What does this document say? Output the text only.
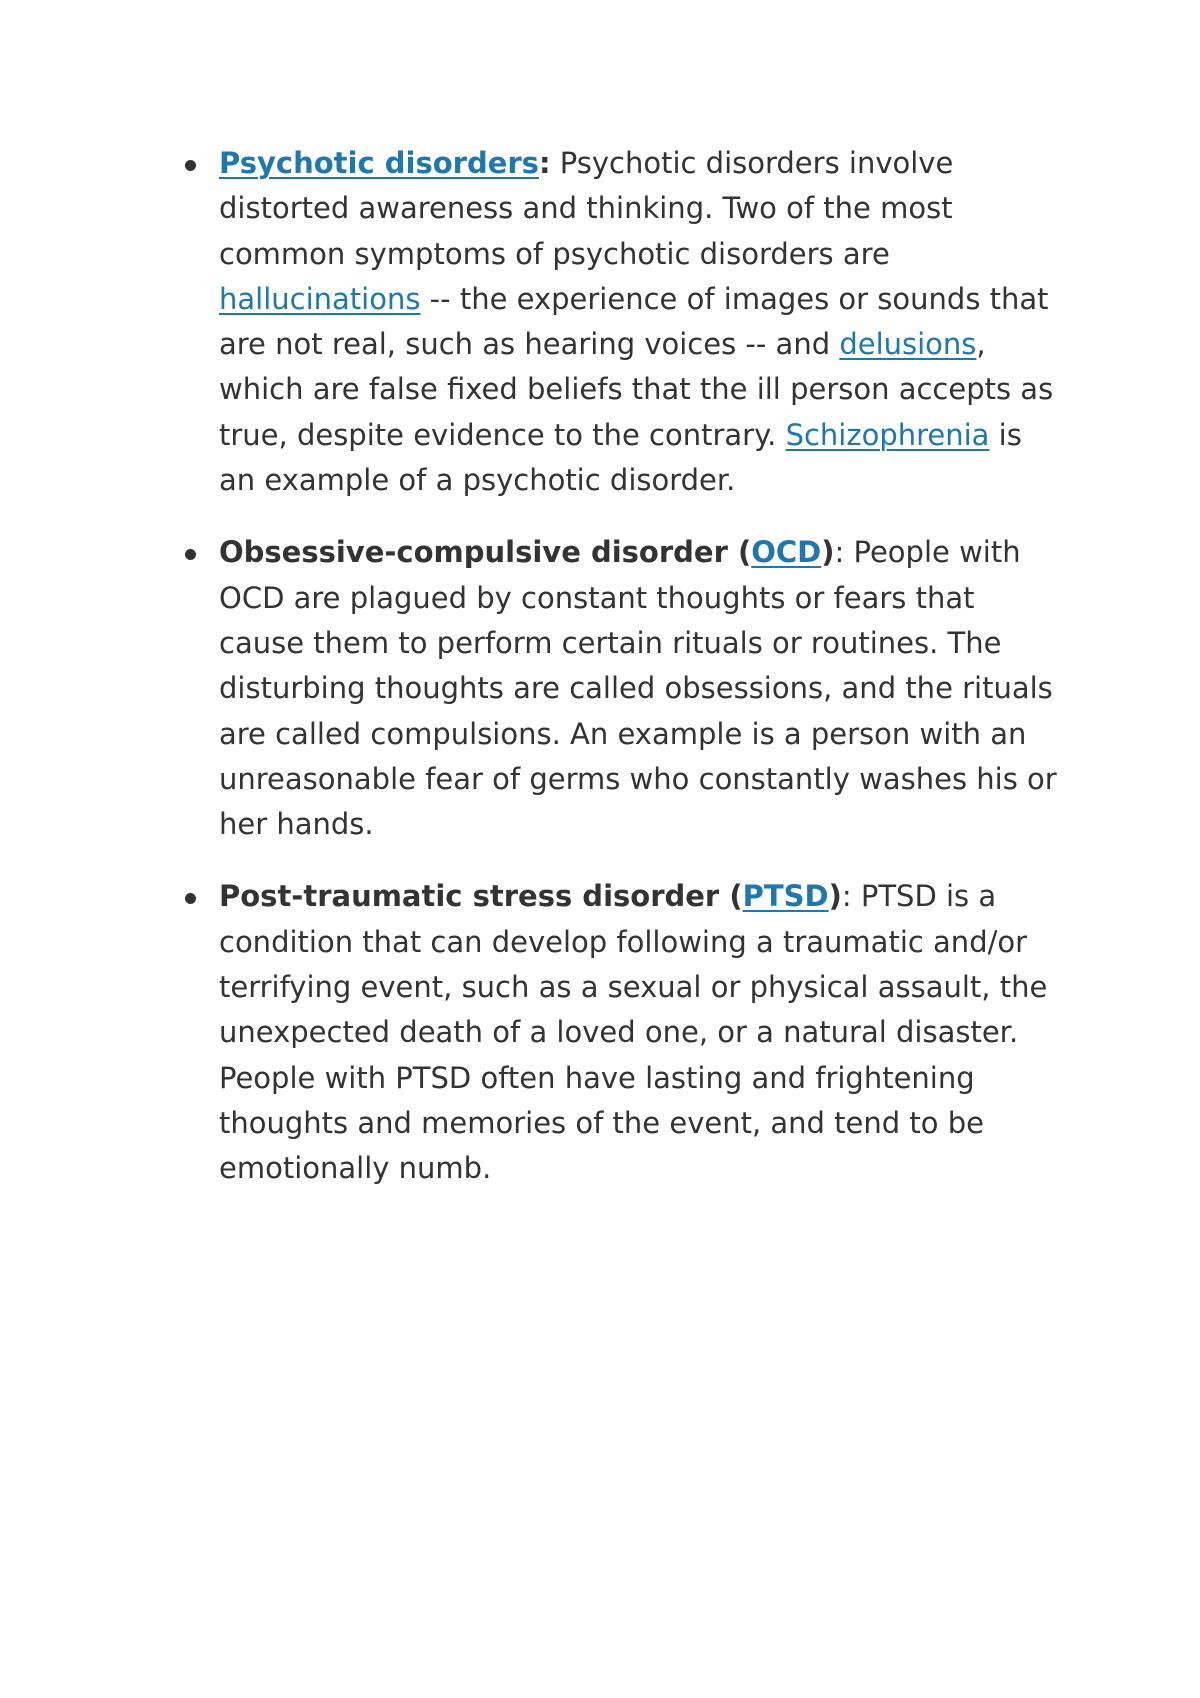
Psychotic disorders: Psychotic disorders involve distorted awareness and thinking. Two of the most common symptoms of psychotic disorders are hallucinations -- the experience of images or sounds that are not real, such as hearing voices -- and delusions, which are false fixed beliefs that the ill person accepts as true, despite evidence to the contrary. Schizophrenia is an example of a psychotic disorder.
Obsessive-compulsive disorder (OCD): People with OCD are plagued by constant thoughts or fears that cause them to perform certain rituals or routines. The disturbing thoughts are called obsessions, and the rituals are called compulsions. An example is a person with an unreasonable fear of germs who constantly washes his or her hands.
Post-traumatic stress disorder (PTSD): PTSD is a condition that can develop following a traumatic and/or terrifying event, such as a sexual or physical assault, the unexpected death of a loved one, or a natural disaster. People with PTSD often have lasting and frightening thoughts and memories of the event, and tend to be emotionally numb.
